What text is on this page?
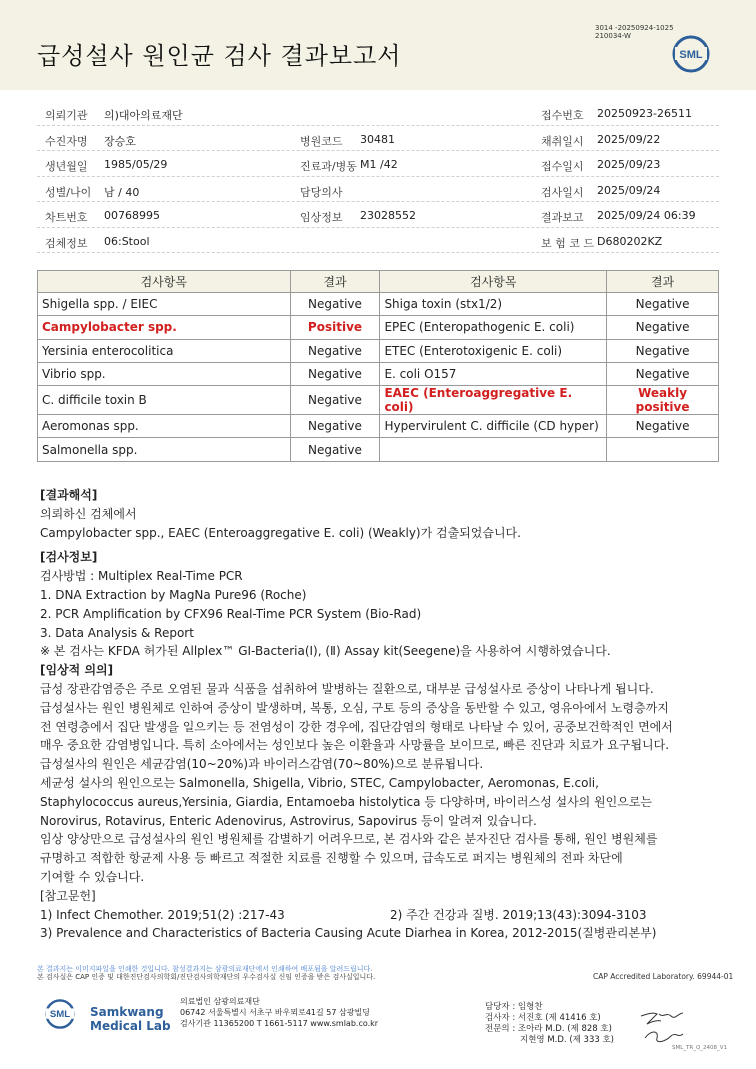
급성설사 원인균 검사 결과보고서
3014 -20250924-1025
210034-W
SML
의뢰기관 의)대아의료재단	접수번호 20250923-26511
수진자명 장승호	병원코드 30481	채취일시 2025/09/22
생년월일 1985/05/29	진료과/병동 M1 /42	접수일시 2025/09/23
성별/나이 남 / 40	담당의사	검사일시 2025/09/24
차트번호 00768995	임상정보 23028552	결과보고 2025/09/24 06:39
검체정보 06:Stool	보 험 코 드 D680202KZ
검사항목	결과	검사항목	결과
Shigella spp. / EIEC	Negative	Shiga toxin (stx1/2)	Negative
Campylobacter spp.	Positive	EPEC (Enteropathogenic E. coli)	Negative
Yersinia enterocolitica	Negative	ETEC (Enterotoxigenic E. coli)	Negative
Vibrio spp.	Negative	E. coli O157	Negative
C. difficile toxin B	Negative	EAEC (Enteroaggregative E. coli)	Weakly positive
Aeromonas spp.	Negative	Hypervirulent C. difficile (CD hyper)	Negative
Salmonella spp.	Negative		
[결과해석]
의뢰하신 검체에서
Campylobacter spp., EAEC (Enteroaggregative E. coli) (Weakly)가 검출되었습니다.
[검사정보]
검사방법 : Multiplex Real-Time PCR
1. DNA Extraction by MagNa Pure96 (Roche)
2. PCR Amplification by CFX96 Real-Time PCR System (Bio-Rad)
3. Data Analysis & Report
※ 본 검사는 KFDA 허가된 Allplex™ GI-Bacteria(Ⅰ), (Ⅱ) Assay kit(Seegene)을 사용하여 시행하였습니다.
[임상적 의의]
급성 장관감염증은 주로 오염된 물과 식품을 섭취하여 발병하는 질환으로, 대부분 급성설사로 증상이 나타나게 됩니다.
급성설사는 원인 병원체로 인하여 증상이 발생하며, 복통, 오심, 구토 등의 증상을 동반할 수 있고, 영유아에서 노령층까지
전 연령층에서 집단 발생을 일으키는 등 전염성이 강한 경우에, 집단감염의 형태로 나타날 수 있어, 공중보건학적인 면에서
매우 중요한 감염병입니다. 특히 소아에서는 성인보다 높은 이환율과 사망률을 보이므로, 빠른 진단과 치료가 요구됩니다.
급성설사의 원인은 세균감염(10~20%)과 바이러스감염(70~80%)으로 분류됩니다.
세균성 설사의 원인으로는 Salmonella, Shigella, Vibrio, STEC, Campylobacter, Aeromonas, E.coli,
Staphylococcus aureus,Yersinia, Giardia, Entamoeba histolytica 등 다양하며, 바이러스성 설사의 원인으로는
Norovirus, Rotavirus, Enteric Adenovirus, Astrovirus, Sapovirus 등이 알려져 있습니다.
임상 양상만으로 급성설사의 원인 병원체를 감별하기 어려우므로, 본 검사와 같은 분자진단 검사를 통해, 원인 병원체를
규명하고 적합한 항균제 사용 등 빠르고 적절한 치료를 진행할 수 있으며, 급속도로 퍼지는 병원체의 전파 차단에
기여할 수 있습니다.
[참고문헌]
1) Infect Chemother. 2019;51(2) :217-43	2) 주간 건강과 질병. 2019;13(43):3094-3103
3) Prevalence and Characteristics of Bacteria Causing Acute Diarhea in Korea, 2012-2015(질병관리본부)
본 결과지는 이미지파일을 인쇄한 것입니다. 참성결과지는 삼광의료재단에서 인쇄하여 배포됨을 알려드립니다.
본 검사실은 CAP 인증 및 대한진단검사의학회/진단검사의학재단의 우수검사실 신임 인증을 받은 검사실입니다.	CAP Accredited Laboratory. 69944-01
SML Samkwang
Medical Lab
의료법인 삼광의료재단
06742 서울특별시 서초구 바우뫼로41길 57 삼광빌딩
검사기관 11365200 T 1661-5117 www.smlab.co.kr
담당자 : 임형찬
검사자 : 서진호 (제 41416 호)
전문의 : 조아라 M.D. (제 828 호)
지현영 M.D. (제 333 호)
SML_TR_Q_2408_V1
